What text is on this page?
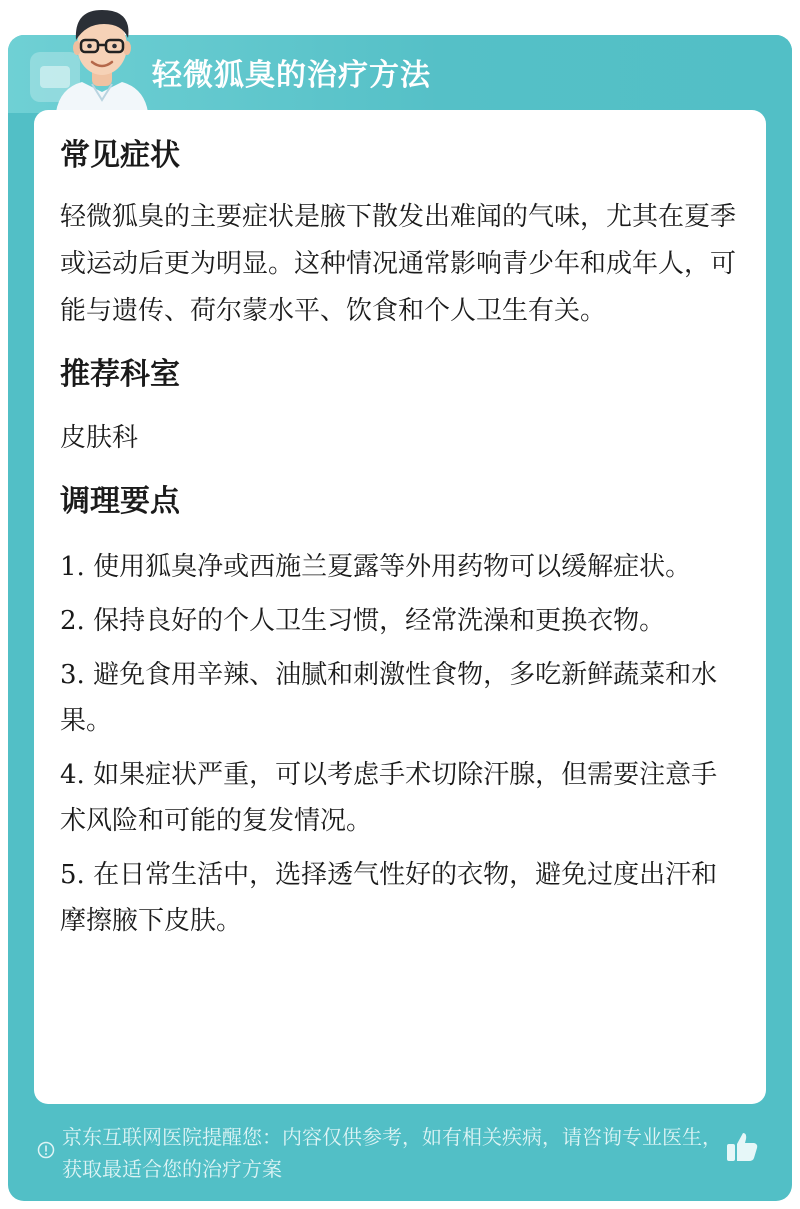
轻微狐臭的治疗方法
常见症状

轻微狐臭的主要症状是腋下散发出难闻的气味，尤其在夏季或运动后更为明显。这种情况通常影响青少年和成年人，可能与遗传、荷尔蒙水平、饮食和个人卫生有关。

推荐科室

皮肤科

调理要点

1. 使用狐臭净或西施兰夏露等外用药物可以缓解症状。

2. 保持良好的个人卫生习惯，经常洗澡和更换衣物。

3. 避免食用辛辣、油腻和刺激性食物，多吃新鲜蔬菜和水果。

4. 如果症状严重，可以考虑手术切除汗腺，但需要注意手术风险和可能的复发情况。

5. 在日常生活中，选择透气性好的衣物，避免过度出汗和摩擦腋下皮肤。

京东互联网医院提醒您：内容仅供参考，如有相关疾病，请咨询专业医生，获取最适合您的治疗方案
